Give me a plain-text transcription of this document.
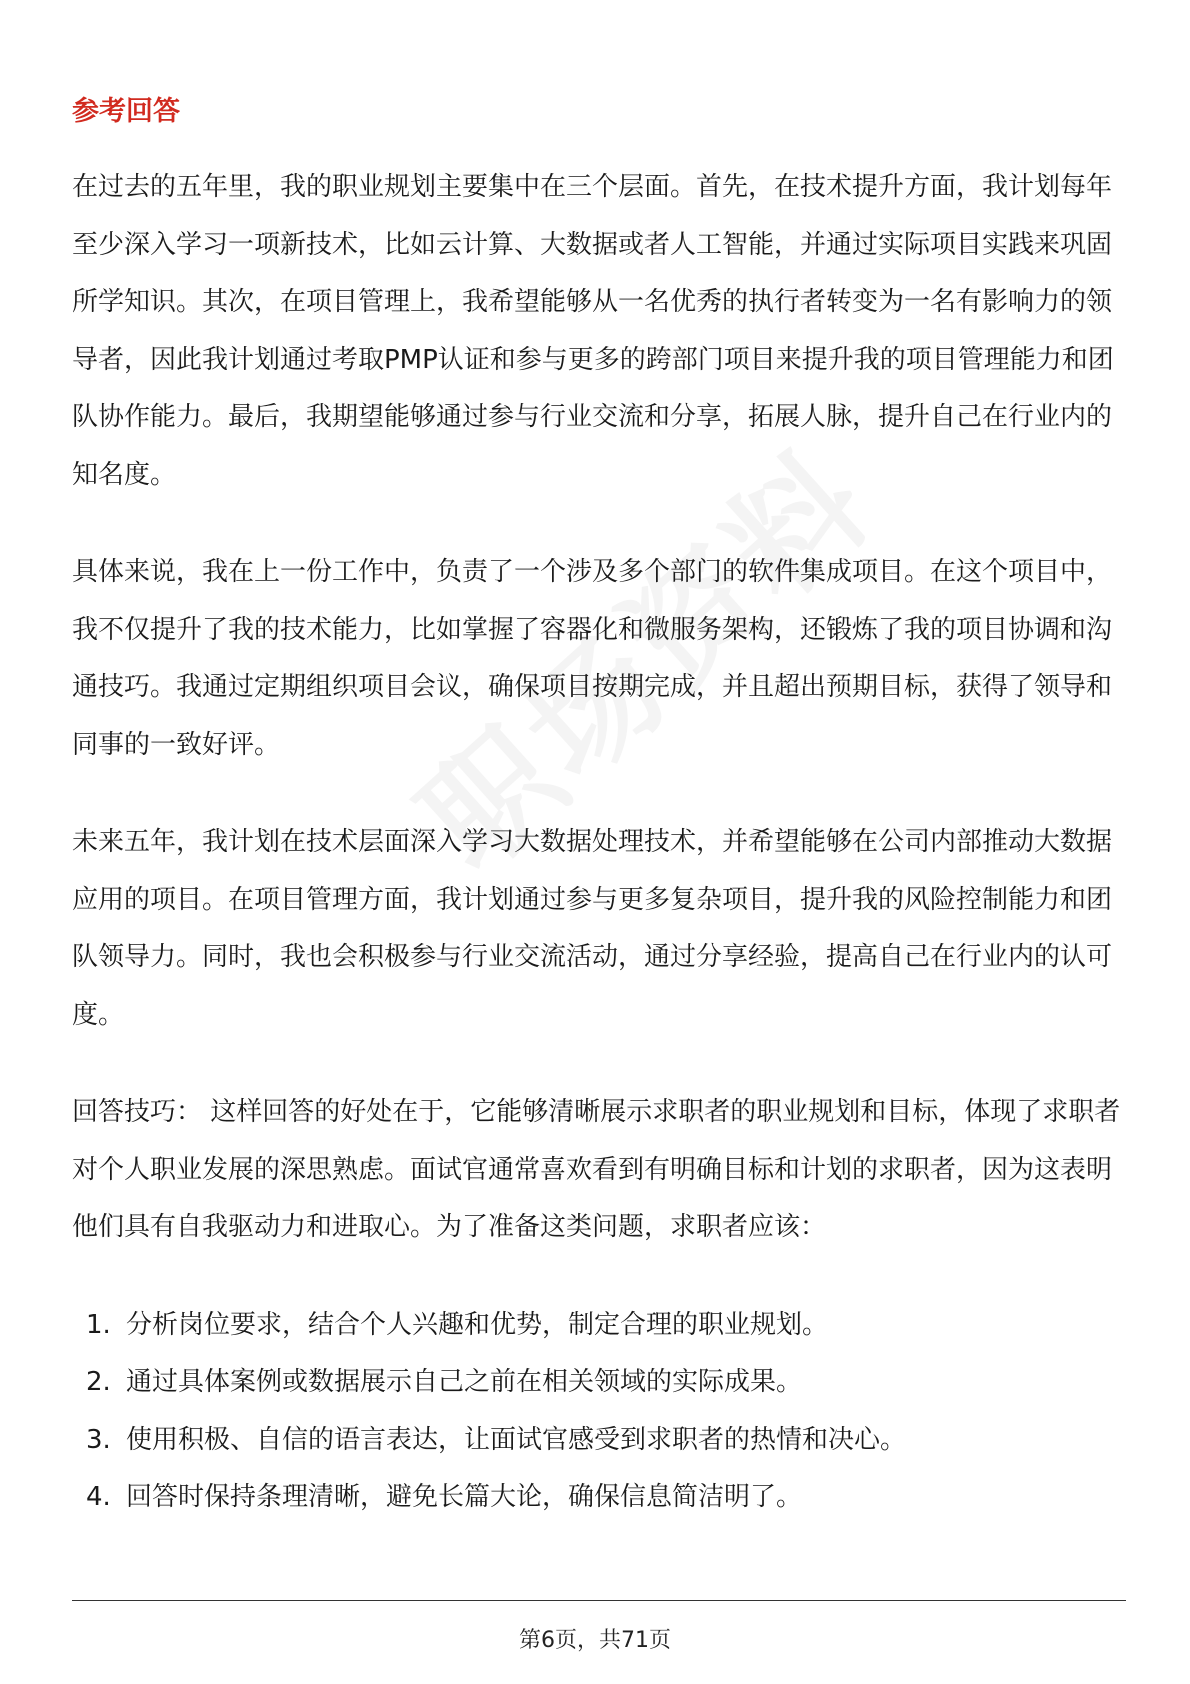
参考回答

在过去的五年里，我的职业规划主要集中在三个层面。首先，在技术提升方面，我计划每年至少深入学习一项新技术，比如云计算、大数据或者人工智能，并通过实际项目实践来巩固所学知识。其次，在项目管理上，我希望能够从一名优秀的执行者转变为一名有影响力的领导者，因此我计划通过考取PMP认证和参与更多的跨部门项目来提升我的项目管理能力和团队协作能力。最后，我期望能够通过参与行业交流和分享，拓展人脉，提升自己在行业内的知名度。

具体来说，我在上一份工作中，负责了一个涉及多个部门的软件集成项目。在这个项目中，我不仅提升了我的技术能力，比如掌握了容器化和微服务架构，还锻炼了我的项目协调和沟通技巧。我通过定期组织项目会议，确保项目按期完成，并且超出预期目标，获得了领导和同事的一致好评。

未来五年，我计划在技术层面深入学习大数据处理技术，并希望能够在公司内部推动大数据应用的项目。在项目管理方面，我计划通过参与更多复杂项目，提升我的风险控制能力和团队领导力。同时，我也会积极参与行业交流活动，通过分享经验，提高自己在行业内的认可度。

回答技巧： 这样回答的好处在于，它能够清晰展示求职者的职业规划和目标，体现了求职者对个人职业发展的深思熟虑。面试官通常喜欢看到有明确目标和计划的求职者，因为这表明他们具有自我驱动力和进取心。为了准备这类问题，求职者应该：

1. 分析岗位要求，结合个人兴趣和优势，制定合理的职业规划。
2. 通过具体案例或数据展示自己之前在相关领域的实际成果。
3. 使用积极、自信的语言表达，让面试官感受到求职者的热情和决心。
4. 回答时保持条理清晰，避免长篇大论，确保信息简洁明了。
第6页，共71页
